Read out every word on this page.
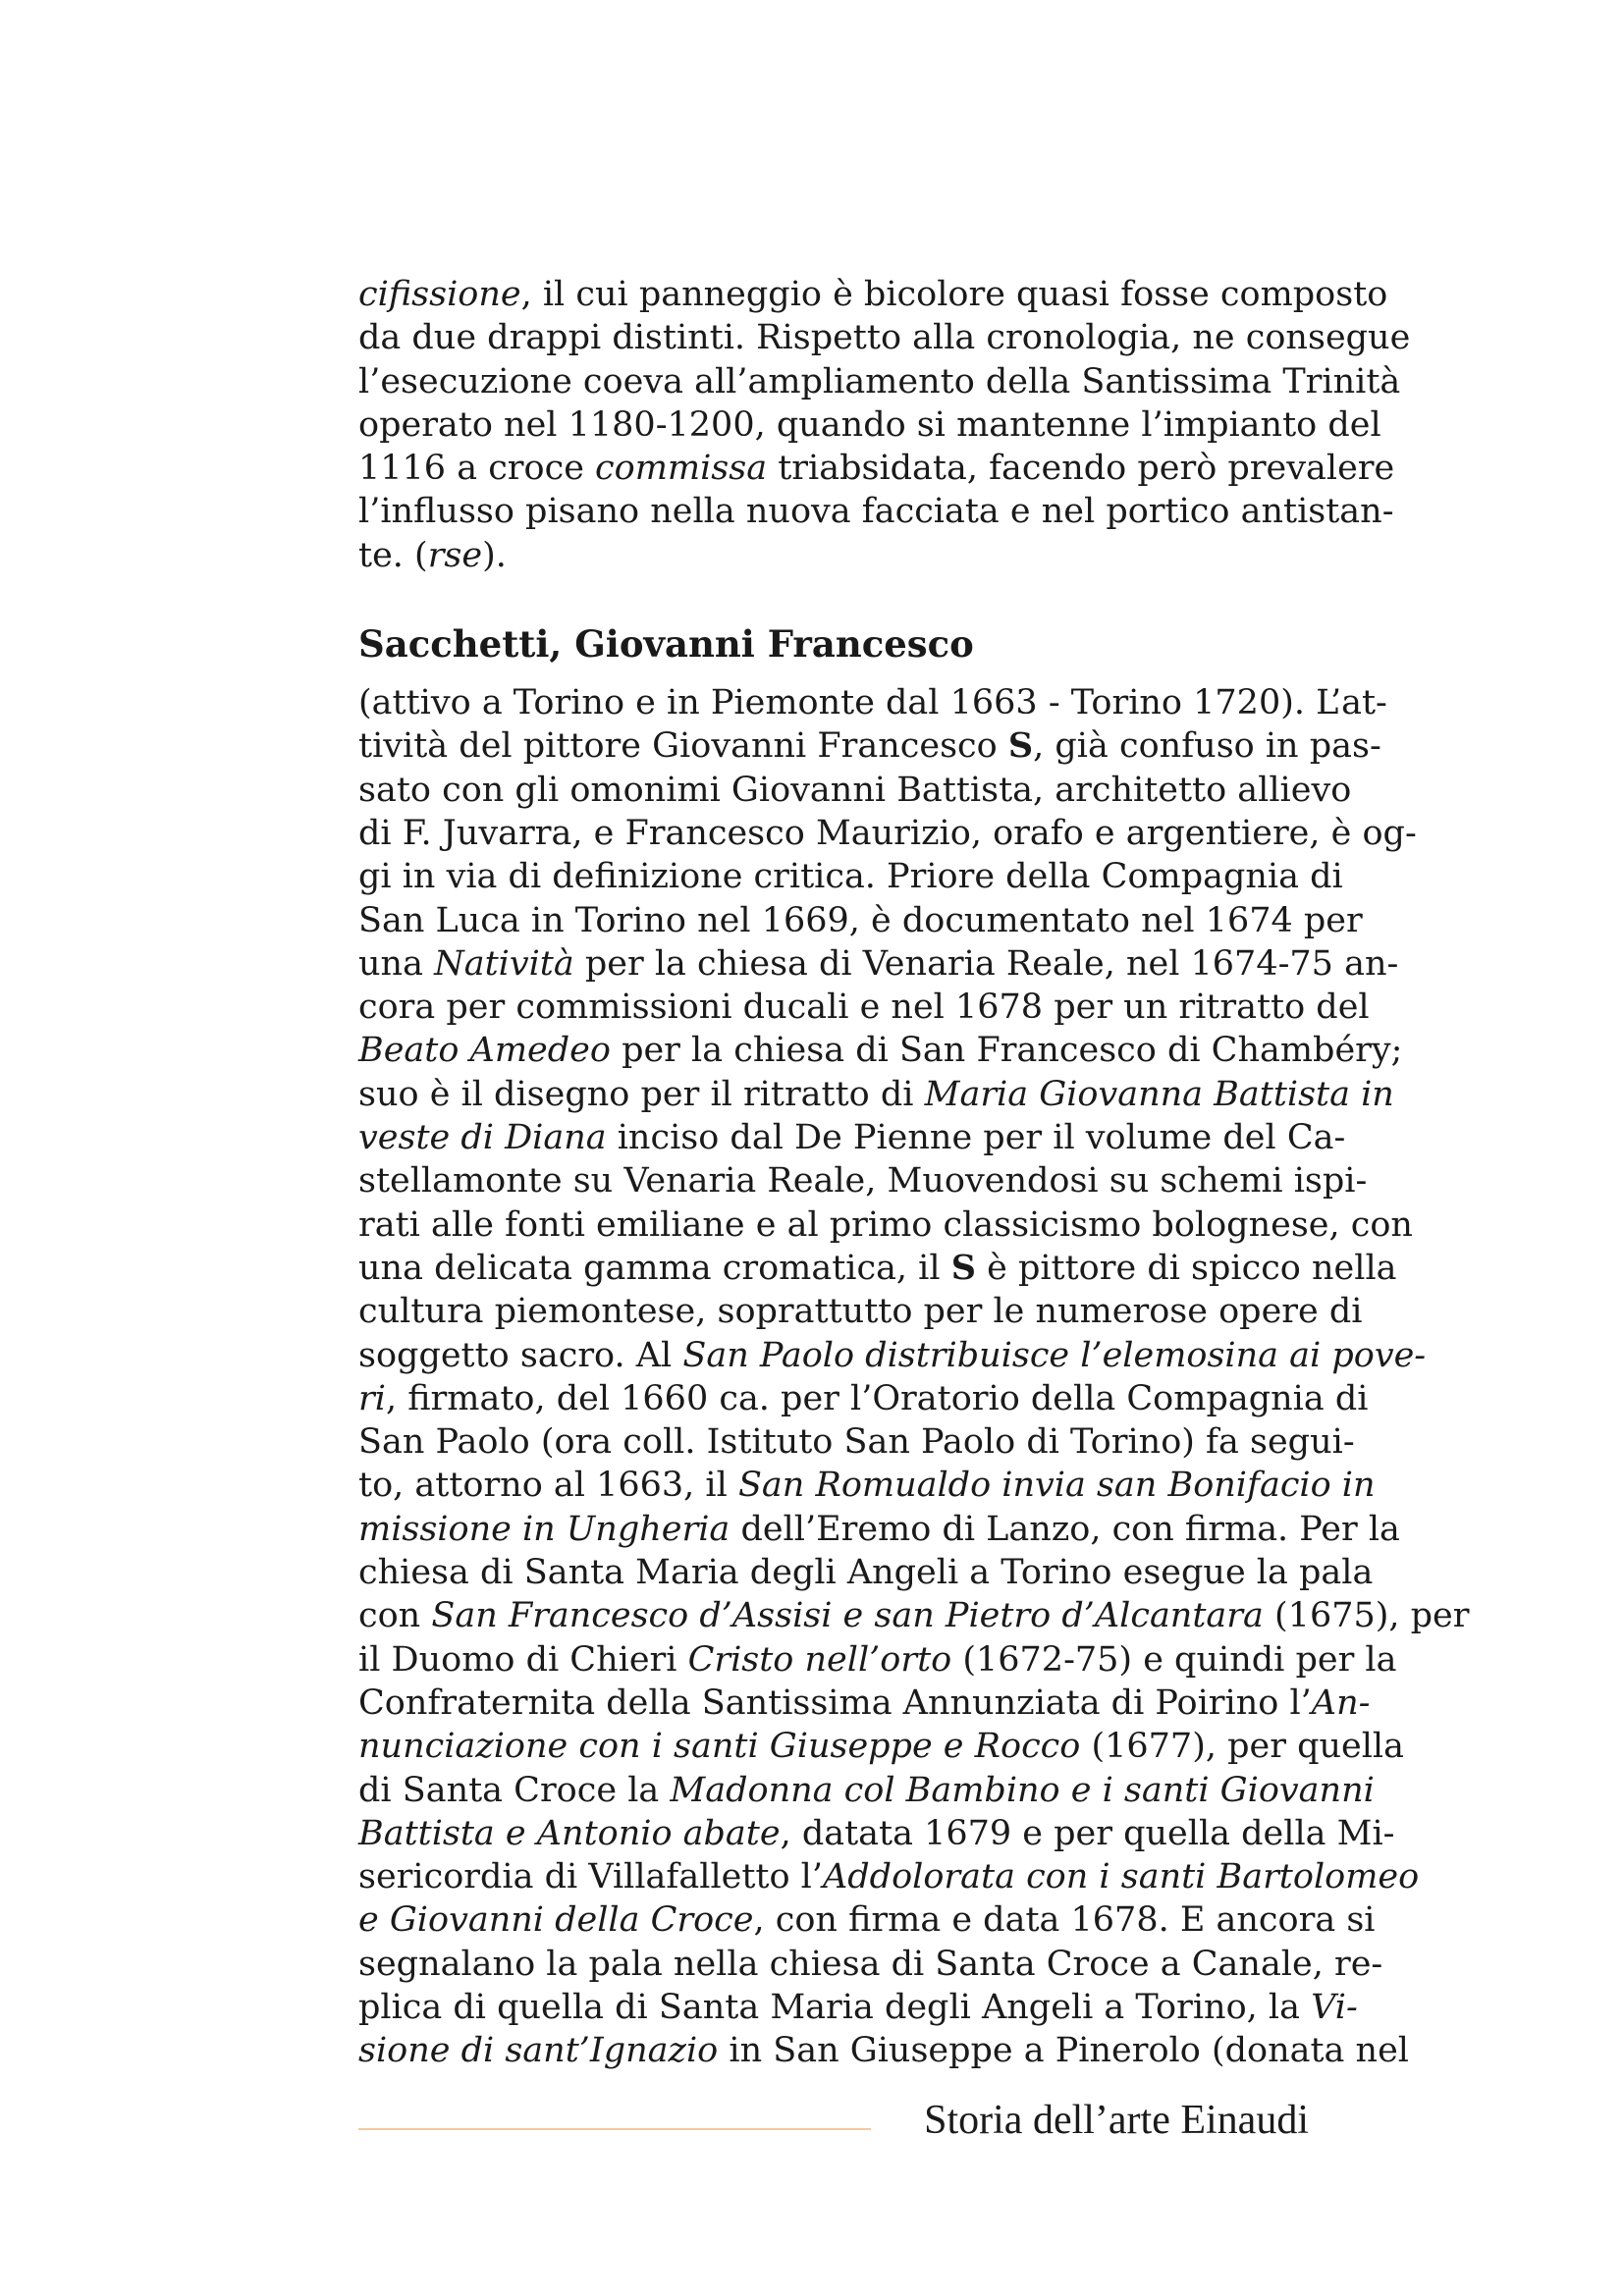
cifissione, il cui panneggio è bicolore quasi fosse composto
da due drappi distinti. Rispetto alla cronologia, ne consegue
l’esecuzione coeva all’ampliamento della Santissima Trinità
operato nel 1180-1200, quando si mantenne l’impianto del
1116 a croce commissa triabsidata, facendo però prevalere
l’influsso pisano nella nuova facciata e nel portico antistan-
te. (rse).

Sacchetti, Giovanni Francesco

(attivo a Torino e in Piemonte dal 1663 - Torino 1720). L’at-
tività del pittore Giovanni Francesco S, già confuso in pas-
sato con gli omonimi Giovanni Battista, architetto allievo
di F. Juvarra, e Francesco Maurizio, orafo e argentiere, è og-
gi in via di definizione critica. Priore della Compagnia di
San Luca in Torino nel 1669, è documentato nel 1674 per
una Natività per la chiesa di Venaria Reale, nel 1674-75 an-
cora per commissioni ducali e nel 1678 per un ritratto del
Beato Amedeo per la chiesa di San Francesco di Chambéry;
suo è il disegno per il ritratto di Maria Giovanna Battista in
veste di Diana inciso dal De Pienne per il volume del Ca-
stellamonte su Venaria Reale, Muovendosi su schemi ispi-
rati alle fonti emiliane e al primo classicismo bolognese, con
una delicata gamma cromatica, il S è pittore di spicco nella
cultura piemontese, soprattutto per le numerose opere di
soggetto sacro. Al San Paolo distribuisce l’elemosina ai pove-
ri, firmato, del 1660 ca. per l’Oratorio della Compagnia di
San Paolo (ora coll. Istituto San Paolo di Torino) fa segui-
to, attorno al 1663, il San Romualdo invia san Bonifacio in
missione in Ungheria dell’Eremo di Lanzo, con firma. Per la
chiesa di Santa Maria degli Angeli a Torino esegue la pala
con San Francesco d’Assisi e san Pietro d’Alcantara (1675), per
il Duomo di Chieri Cristo nell’orto (1672-75) e quindi per la
Confraternita della Santissima Annunziata di Poirino l’An-
nunciazione con i santi Giuseppe e Rocco (1677), per quella
di Santa Croce la Madonna col Bambino e i santi Giovanni
Battista e Antonio abate, datata 1679 e per quella della Mi-
sericordia di Villafalletto l’Addolorata con i santi Bartolomeo
e Giovanni della Croce, con firma e data 1678. E ancora si
segnalano la pala nella chiesa di Santa Croce a Canale, re-
plica di quella di Santa Maria degli Angeli a Torino, la Vi-
sione di sant’Ignazio in San Giuseppe a Pinerolo (donata nel

Storia dell’arte Einaudi
